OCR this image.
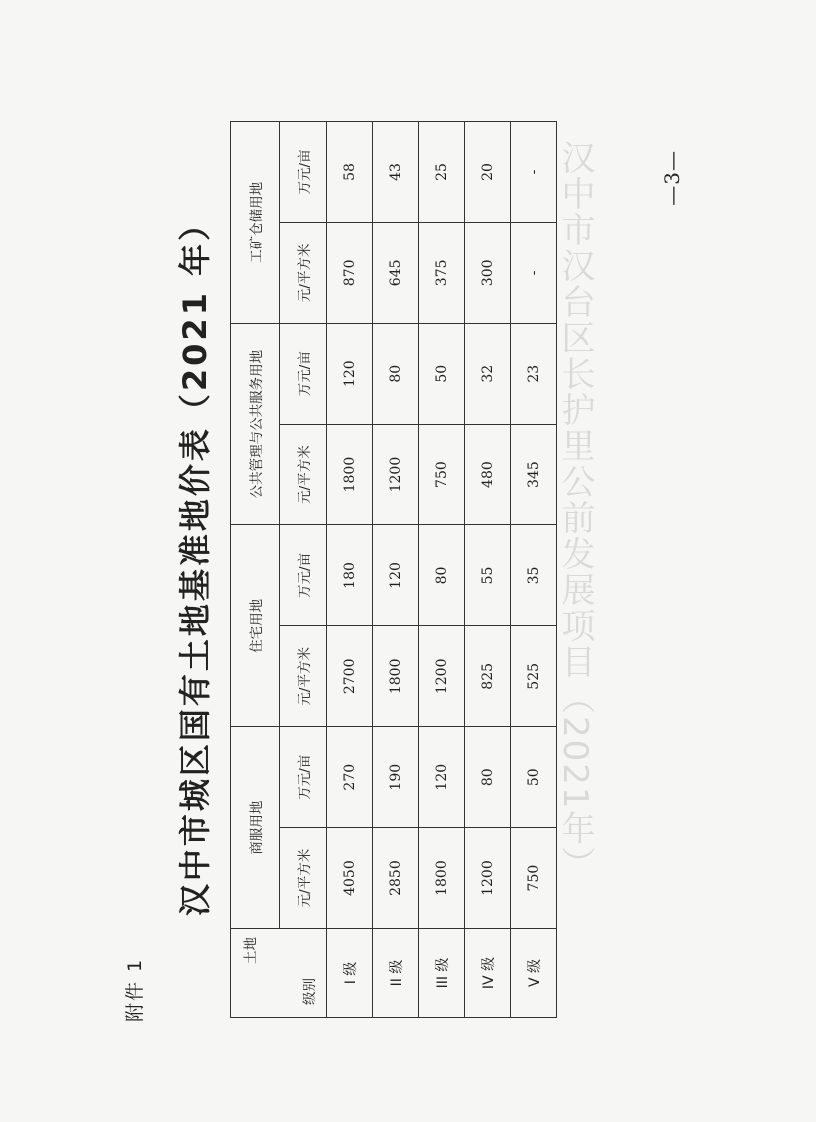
汉中市汉台区长护里公前发展项目（2021年）
附件 1
汉中市城区国有土地基准地价表（2021 年）
土地
级别	商服用地		住宅用地		公共管理与公共服务用地		工矿仓储用地	
	元/平方米	万元/亩	元/平方米	万元/亩	元/平方米	万元/亩	元/平方米	万元/亩
I 级	4050	270	2700	180	1800	120	870	58
II 级	2850	190	1800	120	1200	80	645	43
III 级	1800	120	1200	80	750	50	375	25
IV 级	1200	80	825	55	480	32	300	20
V 级	750	50	525	35	345	23	-	-	—3—
